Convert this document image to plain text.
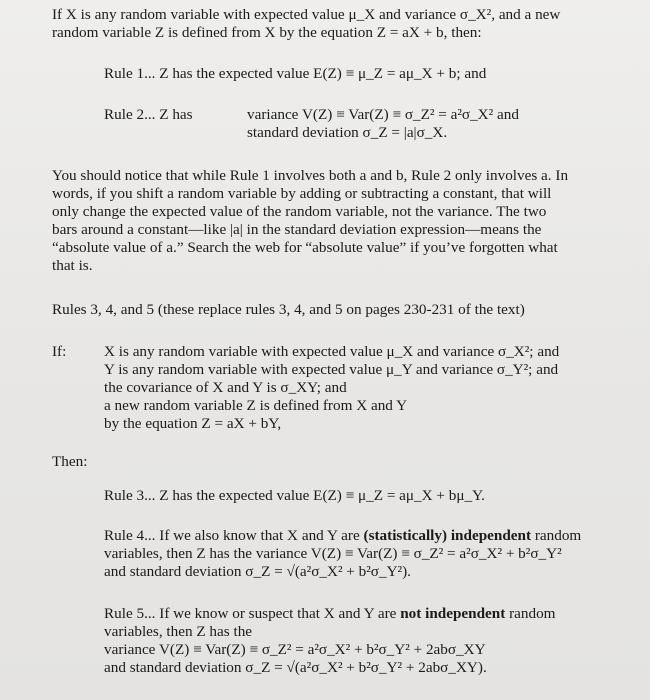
If X is any random variable with expected value μ_X and variance σ_X², and a new

random variable Z is defined from X by the equation Z = aX + b, then:

Rule 1... Z has the expected value E(Z) ≡ μ_Z = aμ_X + b; and

Rule 2... Z has	variance V(Z) ≡ Var(Z) ≡ σ_Z² = a²σ_X² and

standard deviation σ_Z = |a|σ_X.

You should notice that while Rule 1 involves both a and b, Rule 2 only involves a. In

words, if you shift a random variable by adding or subtracting a constant, that will

only change the expected value of the random variable, not the variance. The two

bars around a constant—like |a| in the standard deviation expression—means the

“absolute value of a.” Search the web for “absolute value” if you’ve forgotten what

that is.

Rules 3, 4, and 5 (these replace rules 3, 4, and 5 on pages 230-231 of the text)

If: X is any random variable with expected value μ_X and variance σ_X²; and

Y is any random variable with expected value μ_Y and variance σ_Y²; and

the covariance of X and Y is σ_XY; and

a new random variable Z is defined from X and Y

by the equation Z = aX + bY,

Then:

Rule 3... Z has the expected value E(Z) ≡ μ_Z = aμ_X + bμ_Y.

Rule 4... If we also know that X and Y are (statistically) independent random

variables, then Z has the variance V(Z) ≡ Var(Z) ≡ σ_Z² = a²σ_X² + b²σ_Y²

and standard deviation σ_Z = √(a²σ_X² + b²σ_Y²).

Rule 5... If we know or suspect that X and Y are not independent random

variables, then Z has the

variance V(Z) ≡ Var(Z) ≡ σ_Z² = a²σ_X² + b²σ_Y² + 2abσ_XY

and standard deviation σ_Z = √(a²σ_X² + b²σ_Y² + 2abσ_XY).
